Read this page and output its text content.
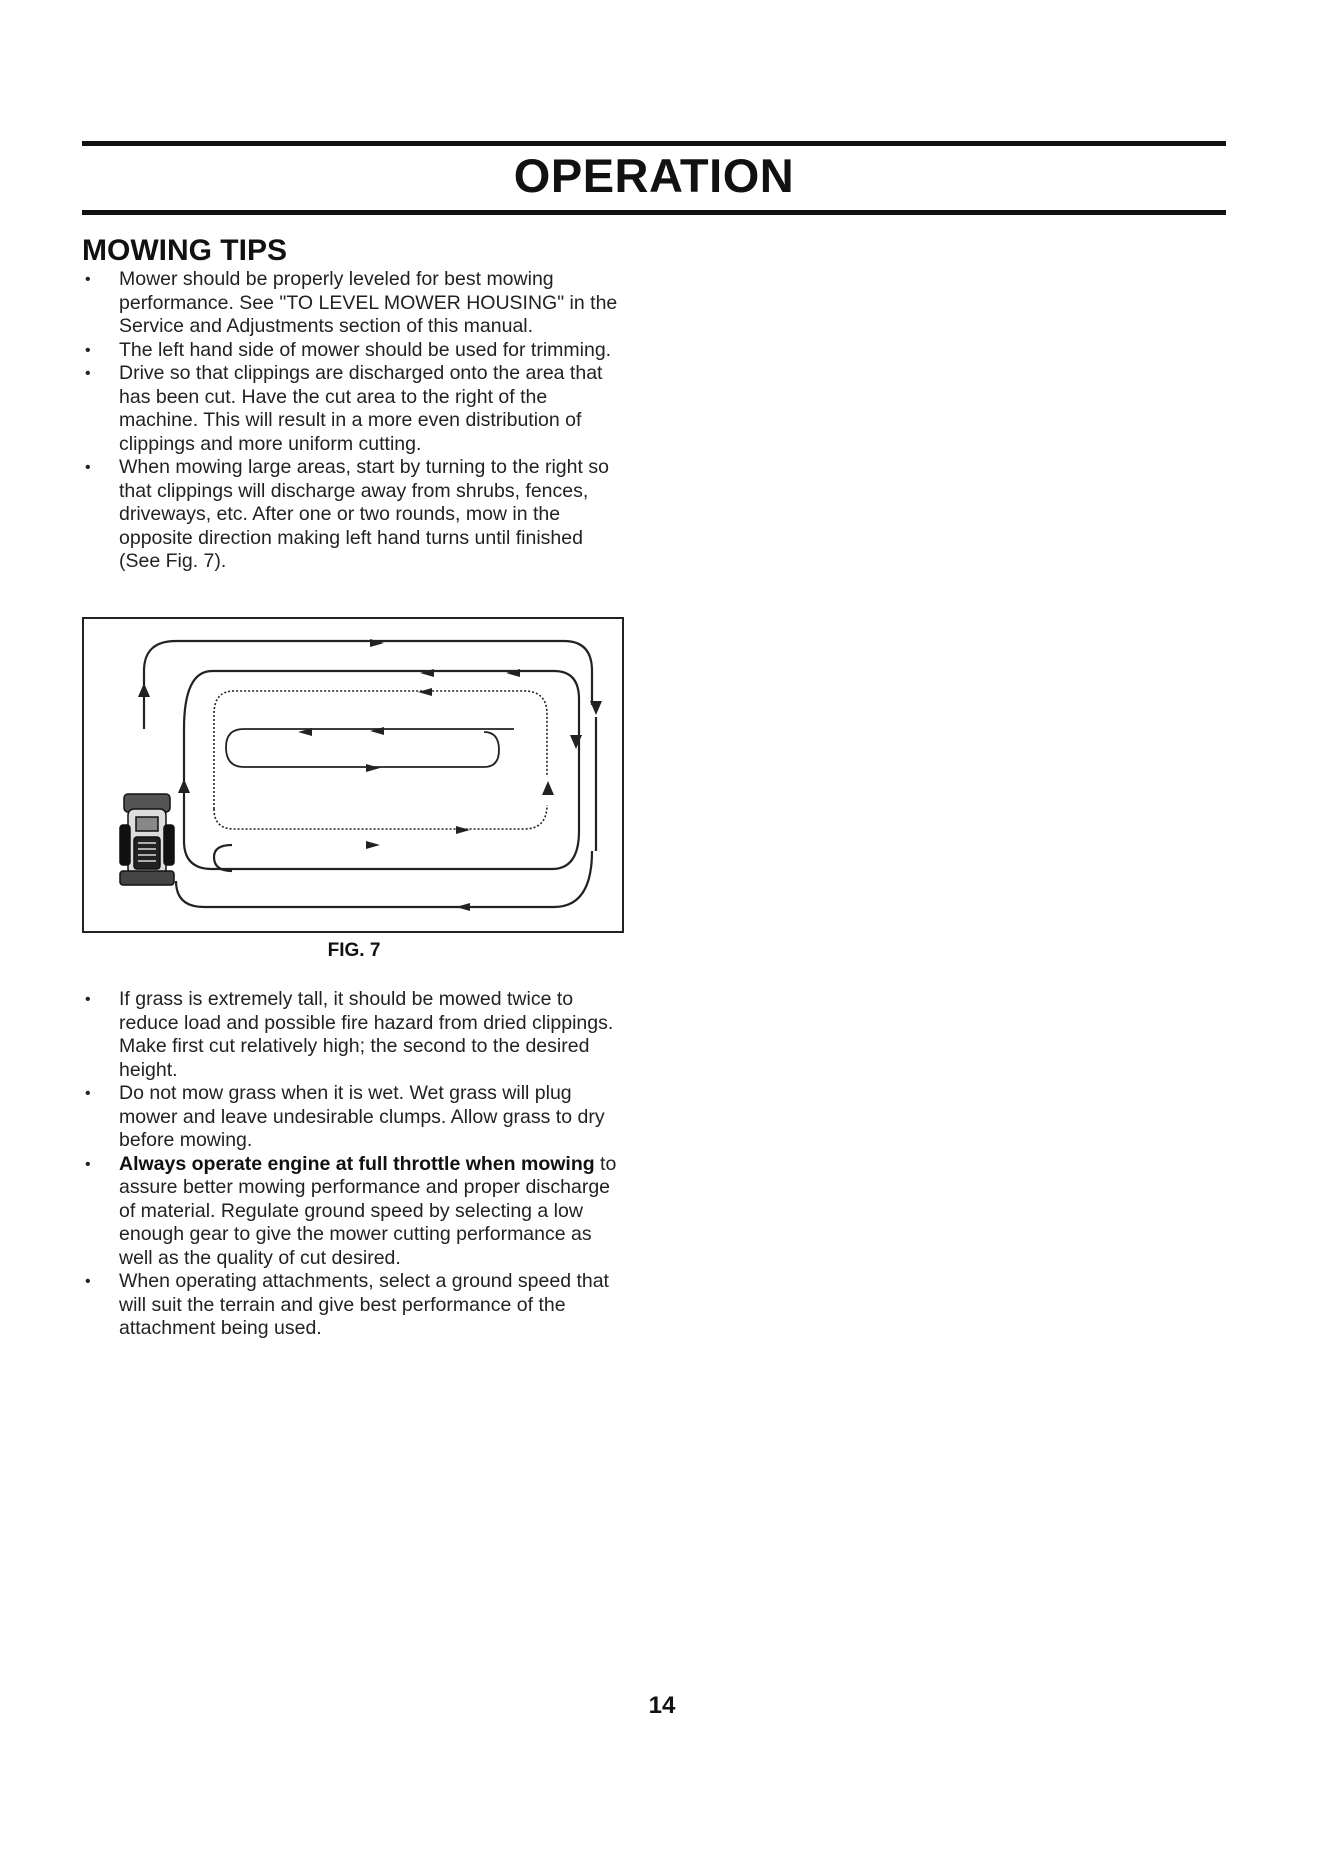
OPERATION
MOWING TIPS

• Mower should be properly leveled for best mowing performance. See "TO LEVEL MOWER HOUSING" in the Service and Adjustments section of this manual.

• The left hand side of mower should be used for trimming.

• Drive so that clippings are discharged onto the area that has been cut. Have the cut area to the right of the machine. This will result in a more even distribution of clippings and more uniform cutting.

• When mowing large areas, start by turning to the right so that clippings will discharge away from shrubs, fences, driveways, etc. After one or two rounds, mow in the opposite direction making left hand turns until finished (See Fig. 7).

FIG. 7

• If grass is extremely tall, it should be mowed twice to reduce load and possible fire hazard from dried clippings. Make first cut relatively high; the second to the desired height.

• Do not mow grass when it is wet. Wet grass will plug mower and leave undesirable clumps. Allow grass to dry before mowing.

• Always operate engine at full throttle when mowing to assure better mowing performance and proper discharge of material. Regulate ground speed by selecting a low enough gear to give the mower cutting performance as well as the quality of cut desired.

• When operating attachments, select a ground speed that will suit the terrain and give best performance of the attachment being used.

14
